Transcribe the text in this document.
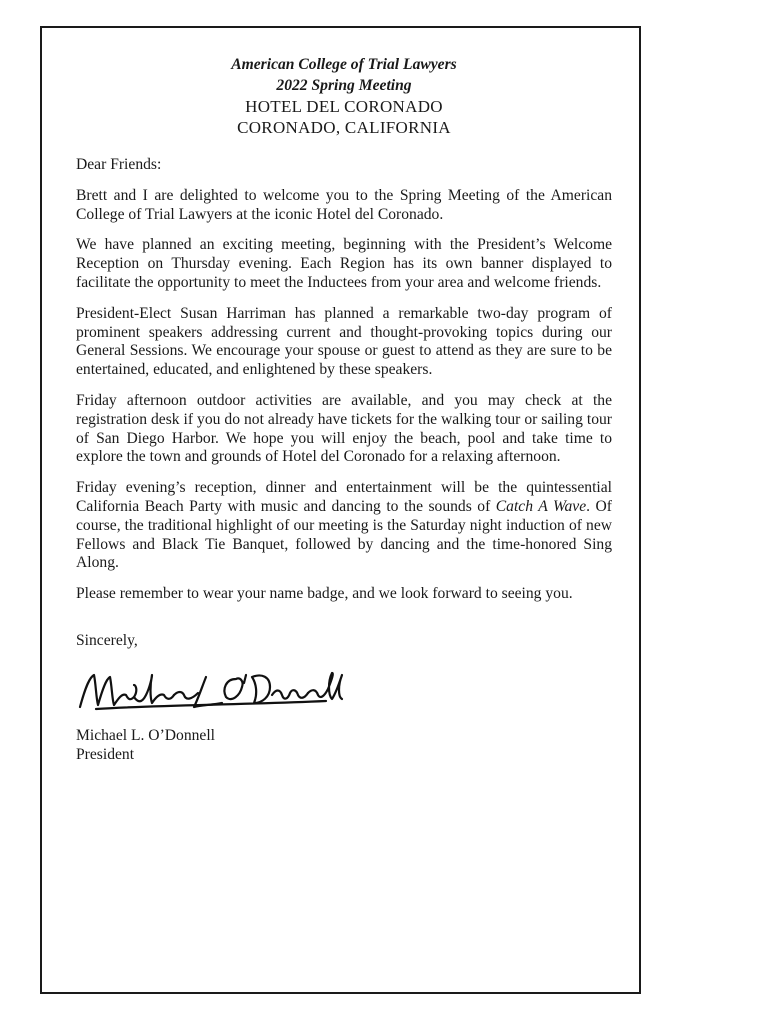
American College of Trial Lawyers
2022 Spring Meeting
HOTEL DEL CORONADO
CORONADO, CALIFORNIA

Dear Friends:

Brett and I are delighted to welcome you to the Spring Meeting of the American College of Trial Lawyers at the iconic Hotel del Coronado.

We have planned an exciting meeting, beginning with the President’s Welcome Reception on Thursday evening. Each Region has its own banner displayed to facilitate the opportunity to meet the Inductees from your area and welcome friends.

President-Elect Susan Harriman has planned a remarkable two-day program of prominent speakers addressing current and thought-provoking topics during our General Sessions. We encourage your spouse or guest to attend as they are sure to be entertained, educated, and enlightened by these speakers.

Friday afternoon outdoor activities are available, and you may check at the registration desk if you do not already have tickets for the walking tour or sailing tour of San Diego Harbor. We hope you will enjoy the beach, pool and take time to explore the town and grounds of Hotel del Coronado for a relaxing afternoon.

Friday evening’s reception, dinner and entertainment will be the quintessential California Beach Party with music and dancing to the sounds of Catch A Wave. Of course, the traditional highlight of our meeting is the Saturday night induction of new Fellows and Black Tie Banquet, followed by dancing and the time-honored Sing Along.

Please remember to wear your name badge, and we look forward to seeing you.

Sincerely,

Michael L. O’Donnell

President
